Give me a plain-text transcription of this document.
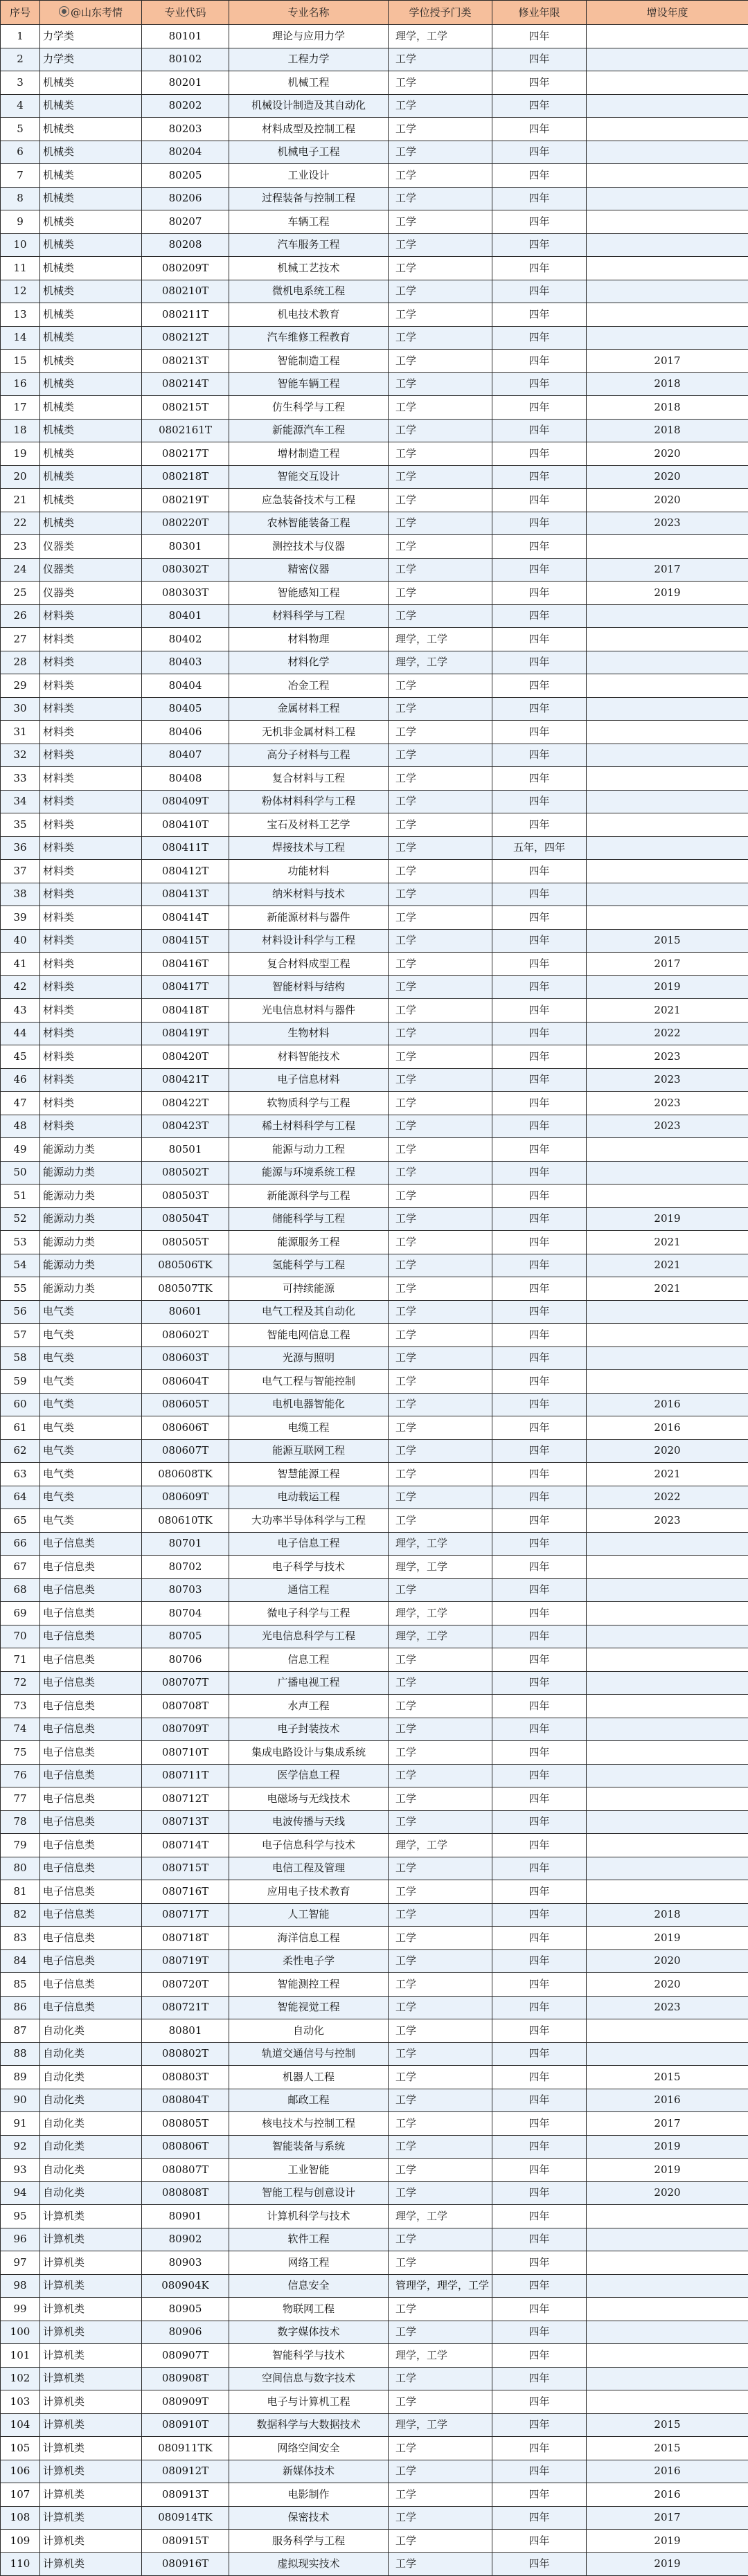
序号	@山东考情	专业代码	专业名称	学位授予门类	修业年限	增设年度
1	力学类	80101	理论与应用力学	理学，工学	四年	
2	力学类	80102	工程力学	工学	四年	
3	机械类	80201	机械工程	工学	四年	
4	机械类	80202	机械设计制造及其自动化	工学	四年	
5	机械类	80203	材料成型及控制工程	工学	四年	
6	机械类	80204	机械电子工程	工学	四年	
7	机械类	80205	工业设计	工学	四年	
8	机械类	80206	过程装备与控制工程	工学	四年	
9	机械类	80207	车辆工程	工学	四年	
10	机械类	80208	汽车服务工程	工学	四年	
11	机械类	080209T	机械工艺技术	工学	四年	
12	机械类	080210T	微机电系统工程	工学	四年	
13	机械类	080211T	机电技术教育	工学	四年	
14	机械类	080212T	汽车维修工程教育	工学	四年	
15	机械类	080213T	智能制造工程	工学	四年	2017
16	机械类	080214T	智能车辆工程	工学	四年	2018
17	机械类	080215T	仿生科学与工程	工学	四年	2018
18	机械类	0802161T	新能源汽车工程	工学	四年	2018
19	机械类	080217T	增材制造工程	工学	四年	2020
20	机械类	080218T	智能交互设计	工学	四年	2020
21	机械类	080219T	应急装备技术与工程	工学	四年	2020
22	机械类	080220T	农林智能装备工程	工学	四年	2023
23	仪器类	80301	测控技术与仪器	工学	四年	
24	仪器类	080302T	精密仪器	工学	四年	2017
25	仪器类	080303T	智能感知工程	工学	四年	2019
26	材料类	80401	材料科学与工程	工学	四年	
27	材料类	80402	材料物理	理学，工学	四年	
28	材料类	80403	材料化学	理学，工学	四年	
29	材料类	80404	冶金工程	工学	四年	
30	材料类	80405	金属材料工程	工学	四年	
31	材料类	80406	无机非金属材料工程	工学	四年	
32	材料类	80407	高分子材料与工程	工学	四年	
33	材料类	80408	复合材料与工程	工学	四年	
34	材料类	080409T	粉体材料科学与工程	工学	四年	
35	材料类	080410T	宝石及材料工艺学	工学	四年	
36	材料类	080411T	焊接技术与工程	工学	五年，四年	
37	材料类	080412T	功能材料	工学	四年	
38	材料类	080413T	纳米材料与技术	工学	四年	
39	材料类	080414T	新能源材料与器件	工学	四年	
40	材料类	080415T	材料设计科学与工程	工学	四年	2015
41	材料类	080416T	复合材料成型工程	工学	四年	2017
42	材料类	080417T	智能材料与结构	工学	四年	2019
43	材料类	080418T	光电信息材料与器件	工学	四年	2021
44	材料类	080419T	生物材料	工学	四年	2022
45	材料类	080420T	材料智能技术	工学	四年	2023
46	材料类	080421T	电子信息材料	工学	四年	2023
47	材料类	080422T	软物质科学与工程	工学	四年	2023
48	材料类	080423T	稀土材料科学与工程	工学	四年	2023
49	能源动力类	80501	能源与动力工程	工学	四年	
50	能源动力类	080502T	能源与环境系统工程	工学	四年	
51	能源动力类	080503T	新能源科学与工程	工学	四年	
52	能源动力类	080504T	储能科学与工程	工学	四年	2019
53	能源动力类	080505T	能源服务工程	工学	四年	2021
54	能源动力类	080506TK	氢能科学与工程	工学	四年	2021
55	能源动力类	080507TK	可持续能源	工学	四年	2021
56	电气类	80601	电气工程及其自动化	工学	四年	
57	电气类	080602T	智能电网信息工程	工学	四年	
58	电气类	080603T	光源与照明	工学	四年	
59	电气类	080604T	电气工程与智能控制	工学	四年	
60	电气类	080605T	电机电器智能化	工学	四年	2016
61	电气类	080606T	电缆工程	工学	四年	2016
62	电气类	080607T	能源互联网工程	工学	四年	2020
63	电气类	080608TK	智慧能源工程	工学	四年	2021
64	电气类	080609T	电动载运工程	工学	四年	2022
65	电气类	080610TK	大功率半导体科学与工程	工学	四年	2023
66	电子信息类	80701	电子信息工程	理学，工学	四年	
67	电子信息类	80702	电子科学与技术	理学，工学	四年	
68	电子信息类	80703	通信工程	工学	四年	
69	电子信息类	80704	微电子科学与工程	理学，工学	四年	
70	电子信息类	80705	光电信息科学与工程	理学，工学	四年	
71	电子信息类	80706	信息工程	工学	四年	
72	电子信息类	080707T	广播电视工程	工学	四年	
73	电子信息类	080708T	水声工程	工学	四年	
74	电子信息类	080709T	电子封装技术	工学	四年	
75	电子信息类	080710T	集成电路设计与集成系统	工学	四年	
76	电子信息类	080711T	医学信息工程	工学	四年	
77	电子信息类	080712T	电磁场与无线技术	工学	四年	
78	电子信息类	080713T	电波传播与天线	工学	四年	
79	电子信息类	080714T	电子信息科学与技术	理学，工学	四年	
80	电子信息类	080715T	电信工程及管理	工学	四年	
81	电子信息类	080716T	应用电子技术教育	工学	四年	
82	电子信息类	080717T	人工智能	工学	四年	2018
83	电子信息类	080718T	海洋信息工程	工学	四年	2019
84	电子信息类	080719T	柔性电子学	工学	四年	2020
85	电子信息类	080720T	智能测控工程	工学	四年	2020
86	电子信息类	080721T	智能视觉工程	工学	四年	2023
87	自动化类	80801	自动化	工学	四年	
88	自动化类	080802T	轨道交通信号与控制	工学	四年	
89	自动化类	080803T	机器人工程	工学	四年	2015
90	自动化类	080804T	邮政工程	工学	四年	2016
91	自动化类	080805T	核电技术与控制工程	工学	四年	2017
92	自动化类	080806T	智能装备与系统	工学	四年	2019
93	自动化类	080807T	工业智能	工学	四年	2019
94	自动化类	080808T	智能工程与创意设计	工学	四年	2020
95	计算机类	80901	计算机科学与技术	理学，工学	四年	
96	计算机类	80902	软件工程	工学	四年	
97	计算机类	80903	网络工程	工学	四年	
98	计算机类	080904K	信息安全	管理学，理学，工学	四年	
99	计算机类	80905	物联网工程	工学	四年	
100	计算机类	80906	数字媒体技术	工学	四年	
101	计算机类	080907T	智能科学与技术	理学，工学	四年	
102	计算机类	080908T	空间信息与数字技术	工学	四年	
103	计算机类	080909T	电子与计算机工程	工学	四年	
104	计算机类	080910T	数据科学与大数据技术	理学，工学	四年	2015
105	计算机类	080911TK	网络空间安全	工学	四年	2015
106	计算机类	080912T	新媒体技术	工学	四年	2016
107	计算机类	080913T	电影制作	工学	四年	2016
108	计算机类	080914TK	保密技术	工学	四年	2017
109	计算机类	080915T	服务科学与工程	工学	四年	2019
110	计算机类	080916T	虚拟现实技术	工学	四年	2019
